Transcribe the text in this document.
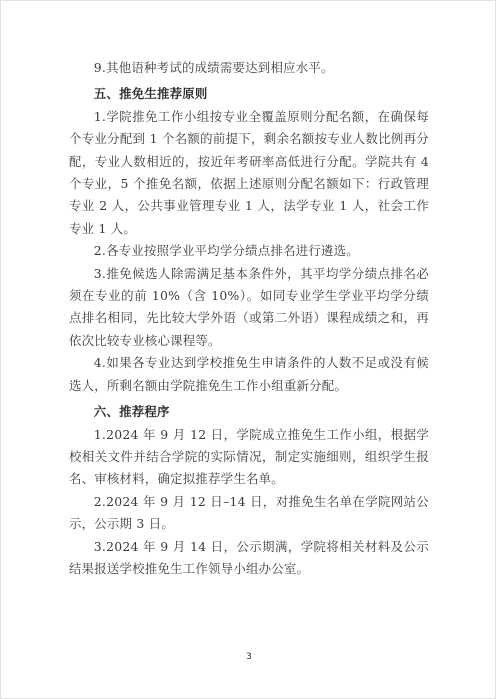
9.其他语种考试的成绩需要达到相应水平。

五、推免生推荐原则

1.学院推免工作小组按专业全覆盖原则分配名额，在确保每个专业分配到 1 个名额的前提下，剩余名额按专业人数比例再分配，专业人数相近的，按近年考研率高低进行分配。学院共有 4 个专业，5 个推免名额，依据上述原则分配名额如下：行政管理专业 2 人，公共事业管理专业 1 人，法学专业 1 人，社会工作专业 1 人。

2.各专业按照学业平均学分绩点排名进行遴选。

3.推免候选人除需满足基本条件外，其平均学分绩点排名必须在专业的前 10%（含 10%）。如同专业学生学业平均学分绩点排名相同，先比较大学外语（或第二外语）课程成绩之和，再依次比较专业核心课程等。

4.如果各专业达到学校推免生申请条件的人数不足或没有候选人，所剩名额由学院推免生工作小组重新分配。

六、推荐程序

1.2024 年 9 月 12 日，学院成立推免生工作小组，根据学校相关文件并结合学院的实际情况，制定实施细则，组织学生报名、审核材料，确定拟推荐学生名单。

2.2024 年 9 月 12 日–14 日，对推免生名单在学院网站公示，公示期 3 日。

3.2024 年 9 月 14 日，公示期满，学院将相关材料及公示结果报送学校推免生工作领导小组办公室。

3
